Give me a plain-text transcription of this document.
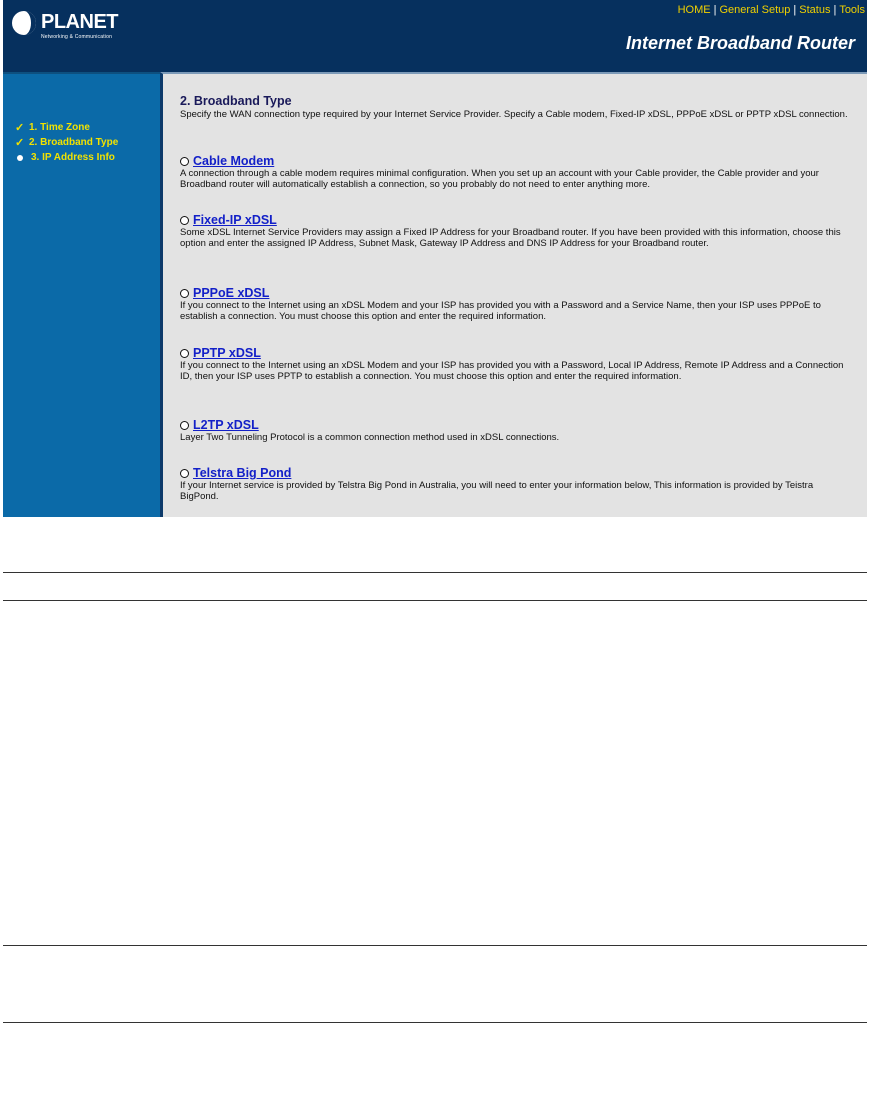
PLANET
Networking & Communication
HOME | General Setup | Status | Tools
Internet Broadband Router
✓ 1. Time Zone
✓ 2. Broadband Type
3. IP Address Info
2. Broadband Type
Specify the WAN connection type required by your Internet Service Provider. Specify a Cable modem, Fixed-IP xDSL, PPPoE xDSL or PPTP xDSL connection.
Cable Modem
A connection through a cable modem requires minimal configuration. When you set up an account with your Cable provider, the Cable provider and your Broadband router will automatically establish a connection, so you probably do not need to enter anything more.
Fixed-IP xDSL
Some xDSL Internet Service Providers may assign a Fixed IP Address for your Broadband router. If you have been provided with this information, choose this option and enter the assigned IP Address, Subnet Mask, Gateway IP Address and DNS IP Address for your Broadband router.
PPPoE xDSL
If you connect to the Internet using an xDSL Modem and your ISP has provided you with a Password and a Service Name, then your ISP uses PPPoE to establish a connection. You must choose this option and enter the required information.
PPTP xDSL
If you connect to the Internet using an xDSL Modem and your ISP has provided you with a Password, Local IP Address, Remote IP Address and a Connection ID, then your ISP uses PPTP to establish a connection. You must choose this option and enter the required information.
L2TP xDSL
Layer Two Tunneling Protocol is a common connection method used in xDSL connections.
Telstra Big Pond
If your Internet service is provided by Telstra Big Pond in Australia, you will need to enter your information below, This information is provided by Teistra BigPond.
